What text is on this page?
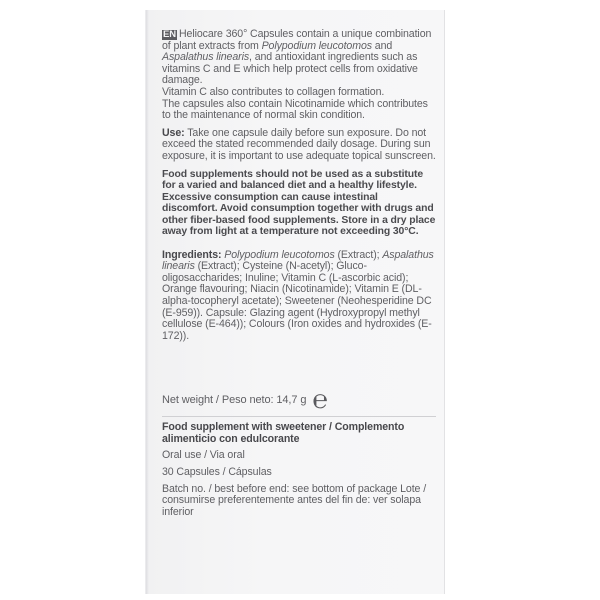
EN Heliocare 360° Capsules contain a unique combination of plant extracts from Polypodium leucotomos and Aspalathus linearis, and antioxidant ingredients such as vitamins C and E which help protect cells from oxidative damage.

Vitamin C also contributes to collagen formation.

The capsules also contain Nicotinamide which contributes to the maintenance of normal skin condition.

Use: Take one capsule daily before sun exposure. Do not exceed the stated recommended daily dosage. During sun exposure, it is important to use adequate topical sunscreen.

Food supplements should not be used as a substitute for a varied and balanced diet and a healthy lifestyle. Excessive consumption can cause intestinal discomfort. Avoid consumption together with drugs and other fiber-based food supplements. Store in a dry place away from light at a temperature not exceeding 30°C.

Ingredients: Polypodium leucotomos (Extract); Aspalathus linearis (Extract); Cysteine (N-acetyl); Gluco-oligosaccharides; Inuline; Vitamin C (L-ascorbic acid); Orange flavouring; Niacin (Nicotinamide); Vitamin E (DL-alpha-tocopheryl acetate); Sweetener (Neohesperidine DC (E-959)). Capsule: Glazing agent (Hydroxypropyl methyl cellulose (E-464)); Colours (Iron oxides and hydroxides (E-172)).

Net weight / Peso neto: 14,7 g ℮

Food supplement with sweetener / Complemento alimenticio con edulcorante

Oral use / Via oral

30 Capsules / Cápsulas

Batch no. / best before end: see bottom of package Lote / consumirse preferentemente antes del fin de: ver solapa inferior
